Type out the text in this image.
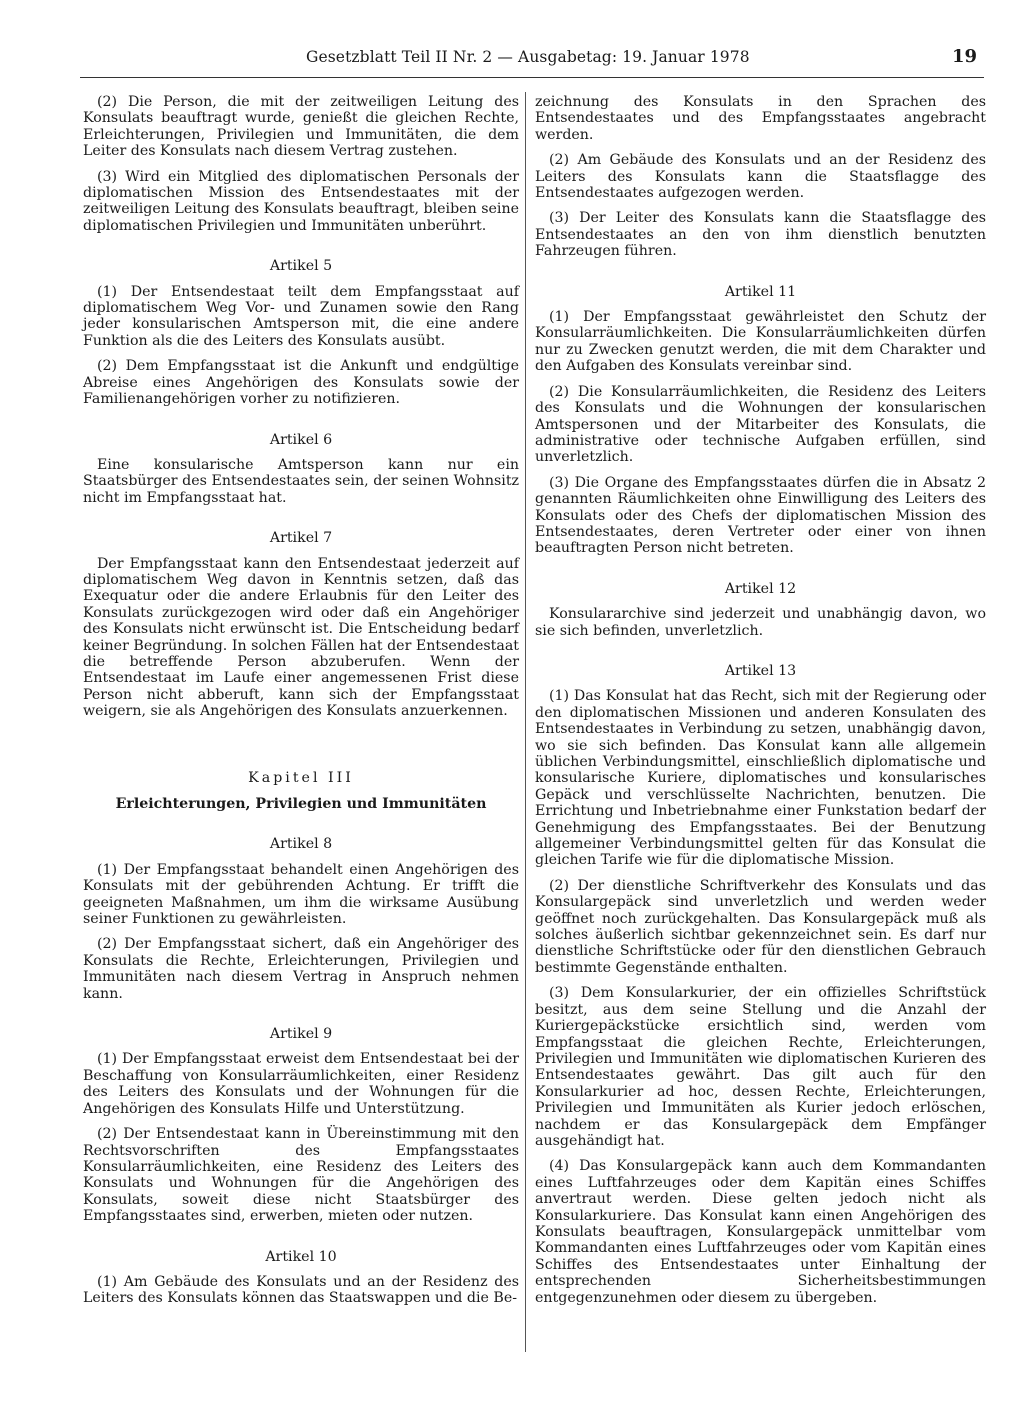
Gesetzblatt Teil II Nr. 2 — Ausgabetag: 19. Januar 1978	19

(2) Die Person, die mit der zeitweiligen Leitung des Konsulats beauftragt wurde, genießt die gleichen Rechte, Erleichterungen, Privilegien und Immunitäten, die dem Leiter des Konsulats nach diesem Vertrag zustehen.

(3) Wird ein Mitglied des diplomatischen Personals der diplomatischen Mission des Entsendestaates mit der zeitweiligen Leitung des Konsulats beauftragt, bleiben seine diplomatischen Privilegien und Immunitäten unberührt.

Artikel 5

(1) Der Entsendestaat teilt dem Empfangsstaat auf diplomatischem Weg Vor- und Zunamen sowie den Rang jeder konsularischen Amtsperson mit, die eine andere Funktion als die des Leiters des Konsulats ausübt.

(2) Dem Empfangsstaat ist die Ankunft und endgültige Abreise eines Angehörigen des Konsulats sowie der Familienangehörigen vorher zu notifizieren.

Artikel 6

Eine konsularische Amtsperson kann nur ein Staatsbürger des Entsendestaates sein, der seinen Wohnsitz nicht im Empfangsstaat hat.

Artikel 7

Der Empfangsstaat kann den Entsendestaat jederzeit auf diplomatischem Weg davon in Kenntnis setzen, daß das Exequatur oder die andere Erlaubnis für den Leiter des Konsulats zurückgezogen wird oder daß ein Angehöriger des Konsulats nicht erwünscht ist. Die Entscheidung bedarf keiner Begründung. In solchen Fällen hat der Entsendestaat die betreffende Person abzuberufen. Wenn der Entsendestaat im Laufe einer angemessenen Frist diese Person nicht abberuft, kann sich der Empfangsstaat weigern, sie als Angehörigen des Konsulats anzuerkennen.

Kapitel III

Erleichterungen, Privilegien und Immunitäten

Artikel 8

(1) Der Empfangsstaat behandelt einen Angehörigen des Konsulats mit der gebührenden Achtung. Er trifft die geeigneten Maßnahmen, um ihm die wirksame Ausübung seiner Funktionen zu gewährleisten.

(2) Der Empfangsstaat sichert, daß ein Angehöriger des Konsulats die Rechte, Erleichterungen, Privilegien und Immunitäten nach diesem Vertrag in Anspruch nehmen kann.

Artikel 9

(1) Der Empfangsstaat erweist dem Entsendestaat bei der Beschaffung von Konsularräumlichkeiten, einer Residenz des Leiters des Konsulats und der Wohnungen für die Angehörigen des Konsulats Hilfe und Unterstützung.

(2) Der Entsendestaat kann in Übereinstimmung mit den Rechtsvorschriften des Empfangsstaates Konsularräumlichkeiten, eine Residenz des Leiters des Konsulats und Wohnungen für die Angehörigen des Konsulats, soweit diese nicht Staatsbürger des Empfangsstaates sind, erwerben, mieten oder nutzen.

Artikel 10

(1) Am Gebäude des Konsulats und an der Residenz des Leiters des Konsulats können das Staatswappen und die Be-

zeichnung des Konsulats in den Sprachen des Entsendestaates und des Empfangsstaates angebracht werden.

(2) Am Gebäude des Konsulats und an der Residenz des Leiters des Konsulats kann die Staatsflagge des Entsendestaates aufgezogen werden.

(3) Der Leiter des Konsulats kann die Staatsflagge des Entsendestaates an den von ihm dienstlich benutzten Fahrzeugen führen.

Artikel 11

(1) Der Empfangsstaat gewährleistet den Schutz der Konsularräumlichkeiten. Die Konsularräumlichkeiten dürfen nur zu Zwecken genutzt werden, die mit dem Charakter und den Aufgaben des Konsulats vereinbar sind.

(2) Die Konsularräumlichkeiten, die Residenz des Leiters des Konsulats und die Wohnungen der konsularischen Amtspersonen und der Mitarbeiter des Konsulats, die administrative oder technische Aufgaben erfüllen, sind unverletzlich.

(3) Die Organe des Empfangsstaates dürfen die in Absatz 2 genannten Räumlichkeiten ohne Einwilligung des Leiters des Konsulats oder des Chefs der diplomatischen Mission des Entsendestaates, deren Vertreter oder einer von ihnen beauftragten Person nicht betreten.

Artikel 12

Konsulararchive sind jederzeit und unabhängig davon, wo sie sich befinden, unverletzlich.

Artikel 13

(1) Das Konsulat hat das Recht, sich mit der Regierung oder den diplomatischen Missionen und anderen Konsulaten des Entsendestaates in Verbindung zu setzen, unabhängig davon, wo sie sich befinden. Das Konsulat kann alle allgemein üblichen Verbindungsmittel, einschließlich diplomatische und konsularische Kuriere, diplomatisches und konsularisches Gepäck und verschlüsselte Nachrichten, benutzen. Die Errichtung und Inbetriebnahme einer Funkstation bedarf der Genehmigung des Empfangsstaates. Bei der Benutzung allgemeiner Verbindungsmittel gelten für das Konsulat die gleichen Tarife wie für die diplomatische Mission.

(2) Der dienstliche Schriftverkehr des Konsulats und das Konsulargepäck sind unverletzlich und werden weder geöffnet noch zurückgehalten. Das Konsulargepäck muß als solches äußerlich sichtbar gekennzeichnet sein. Es darf nur dienstliche Schriftstücke oder für den dienstlichen Gebrauch bestimmte Gegenstände enthalten.

(3) Dem Konsularkurier, der ein offizielles Schriftstück besitzt, aus dem seine Stellung und die Anzahl der Kuriergepäckstücke ersichtlich sind, werden vom Empfangsstaat die gleichen Rechte, Erleichterungen, Privilegien und Immunitäten wie diplomatischen Kurieren des Entsendestaates gewährt. Das gilt auch für den Konsularkurier ad hoc, dessen Rechte, Erleichterungen, Privilegien und Immunitäten als Kurier jedoch erlöschen, nachdem er das Konsulargepäck dem Empfänger ausgehändigt hat.

(4) Das Konsulargepäck kann auch dem Kommandanten eines Luftfahrzeuges oder dem Kapitän eines Schiffes anvertraut werden. Diese gelten jedoch nicht als Konsularkuriere. Das Konsulat kann einen Angehörigen des Konsulats beauftragen, Konsulargepäck unmittelbar vom Kommandanten eines Luftfahrzeuges oder vom Kapitän eines Schiffes des Entsendestaates unter Einhaltung der entsprechenden Sicherheitsbestimmungen entgegenzunehmen oder diesem zu übergeben.
